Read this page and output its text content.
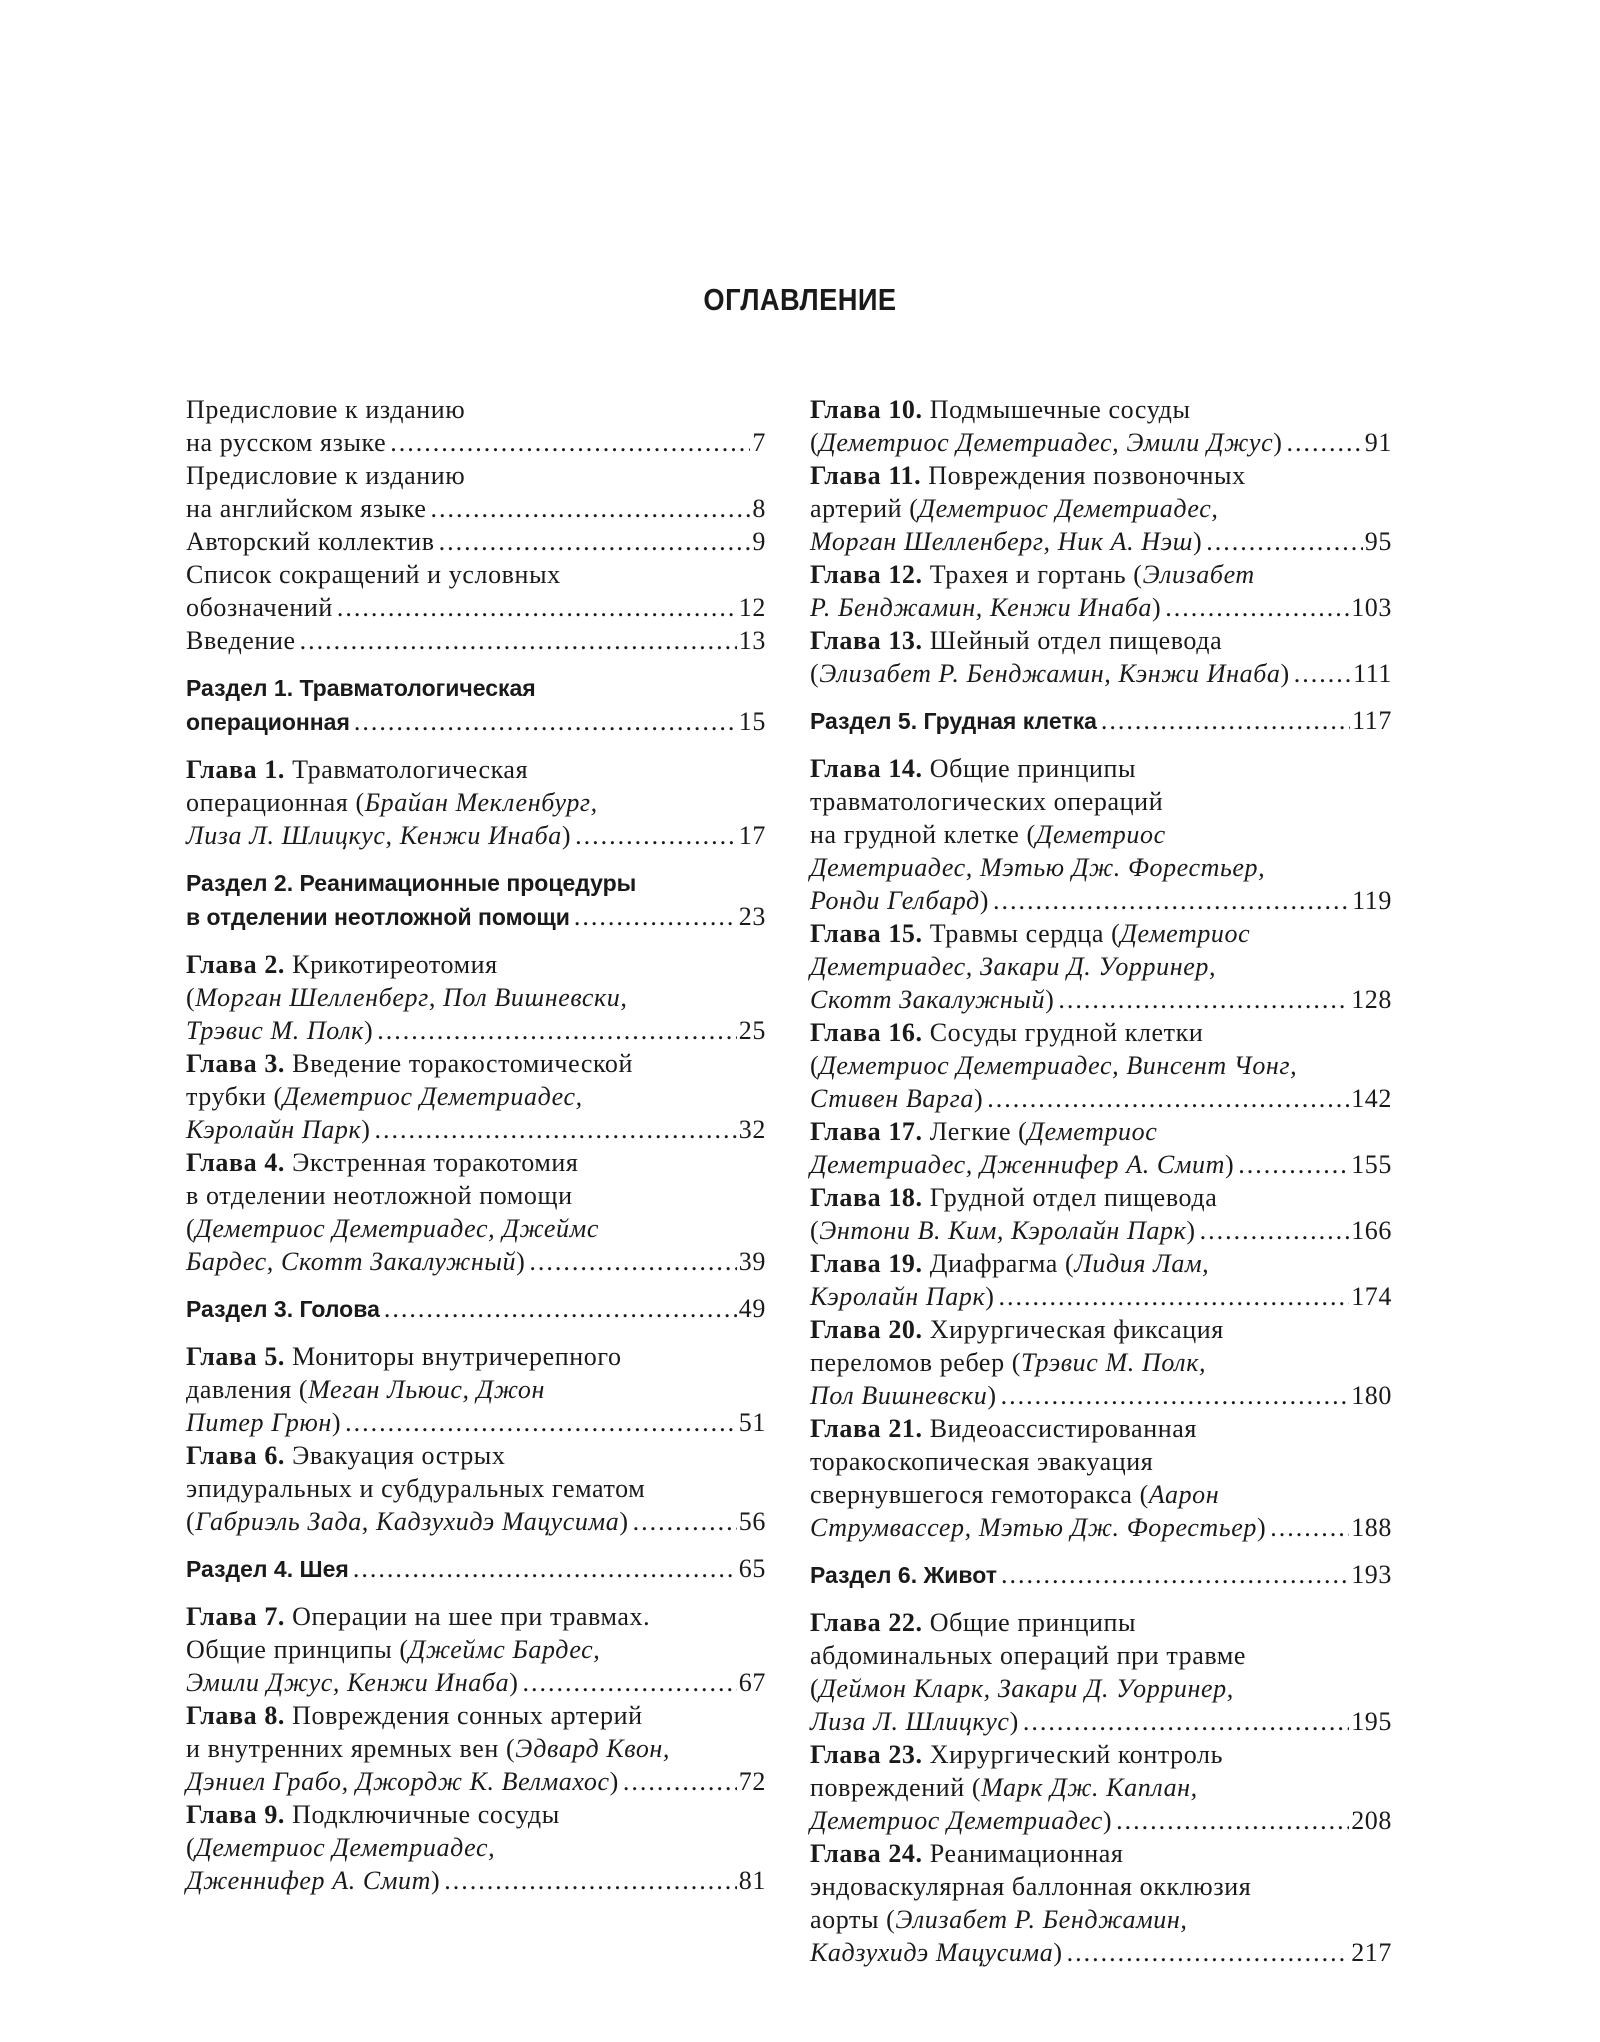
ОГЛАВЛЕНИЕ
Предисловие к изданию
на русском языке .....	7
Предисловие к изданию
на английском языке .....	8
Авторский коллектив .....	9
Список сокращений и условных
обозначений .....	12
Введение .....	13
Раздел 1. Травматологическая
операционная .....	15
Глава 1. Травматологическая
операционная (Брайан Мекленбург,
Лиза Л. Шлицкус, Кенжи Инаба) .....	17
Раздел 2. Реанимационные процедуры
в отделении неотложной помощи .....	23
Глава 2. Крикотиреотомия
(Морган Шелленберг, Пол Вишневски,
Трэвис М. Полк) .....	25
Глава 3. Введение торакостомической
трубки (Деметриос Деметриадес,
Кэролайн Парк) .....	32
Глава 4. Экстренная торакотомия
в отделении неотложной помощи
(Деметриос Деметриадес, Джеймс
Бардес, Скотт Закалужный) .....	39
Раздел 3. Голова .....	49
Глава 5. Мониторы внутричерепного
давления (Меган Льюис, Джон
Питер Грюн) .....	51
Глава 6. Эвакуация острых
эпидуральных и субдуральных гематом
(Габриэль Зада, Кадзухидэ Мацусима) .....	56
Раздел 4. Шея .....	65
Глава 7. Операции на шее при травмах.
Общие принципы (Джеймс Бардес,
Эмили Джус, Кенжи Инаба) .....	67
Глава 8. Повреждения сонных артерий
и внутренних яремных вен (Эдвард Квон,
Дэниел Грабо, Джордж К. Велмахос) .....	72
Глава 9. Подключичные сосуды
(Деметриос Деметриадес,
Дженнифер А. Смит) .....	81
Глава 10. Подмышечные сосуды
(Деметриос Деметриадес, Эмили Джус) .....	91
Глава 11. Повреждения позвоночных
артерий (Деметриос Деметриадес,
Морган Шелленберг, Ник А. Нэш) .....	95
Глава 12. Трахея и гортань (Элизабет
Р. Бенджамин, Кенжи Инаба) .....	103
Глава 13. Шейный отдел пищевода
(Элизабет Р. Бенджамин, Кэнжи Инаба) ..... 111
Раздел 5. Грудная клетка .....	117
Глава 14. Общие принципы
травматологических операций
на грудной клетке (Деметриос
Деметриадес, Мэтью Дж. Форестьер,
Ронди Гелбард) .....	119
Глава 15. Травмы сердца (Деметриос
Деметриадес, Закари Д. Уорринер,
Скотт Закалужный) .....	128
Глава 16. Сосуды грудной клетки
(Деметриос Деметриадес, Винсент Чонг,
Стивен Варга) .....	142
Глава 17. Легкие (Деметриос
Деметриадес, Дженнифер А. Смит) .....	155
Глава 18. Грудной отдел пищевода
(Энтони В. Ким, Кэролайн Парк) .....	166
Глава 19. Диафрагма (Лидия Лам,
Кэролайн Парк) .....	174
Глава 20. Хирургическая фиксация
переломов ребер (Трэвис М. Полк,
Пол Вишневски) .....	180
Глава 21. Видеоассистированная
торакоскопическая эвакуация
свернувшегося гемоторакса (Аарон
Струмвассер, Мэтью Дж. Форестьер) .....	188
Раздел 6. Живот .....	193
Глава 22. Общие принципы
абдоминальных операций при травме
(Деймон Кларк, Закари Д. Уорринер,
Лиза Л. Шлицкус) .....	195
Глава 23. Хирургический контроль
повреждений (Марк Дж. Каплан,
Деметриос Деметриадес) .....	208
Глава 24. Реанимационная
эндоваскулярная баллонная окклюзия
аорты (Элизабет Р. Бенджамин,
Кадзухидэ Мацусима) .....	217
